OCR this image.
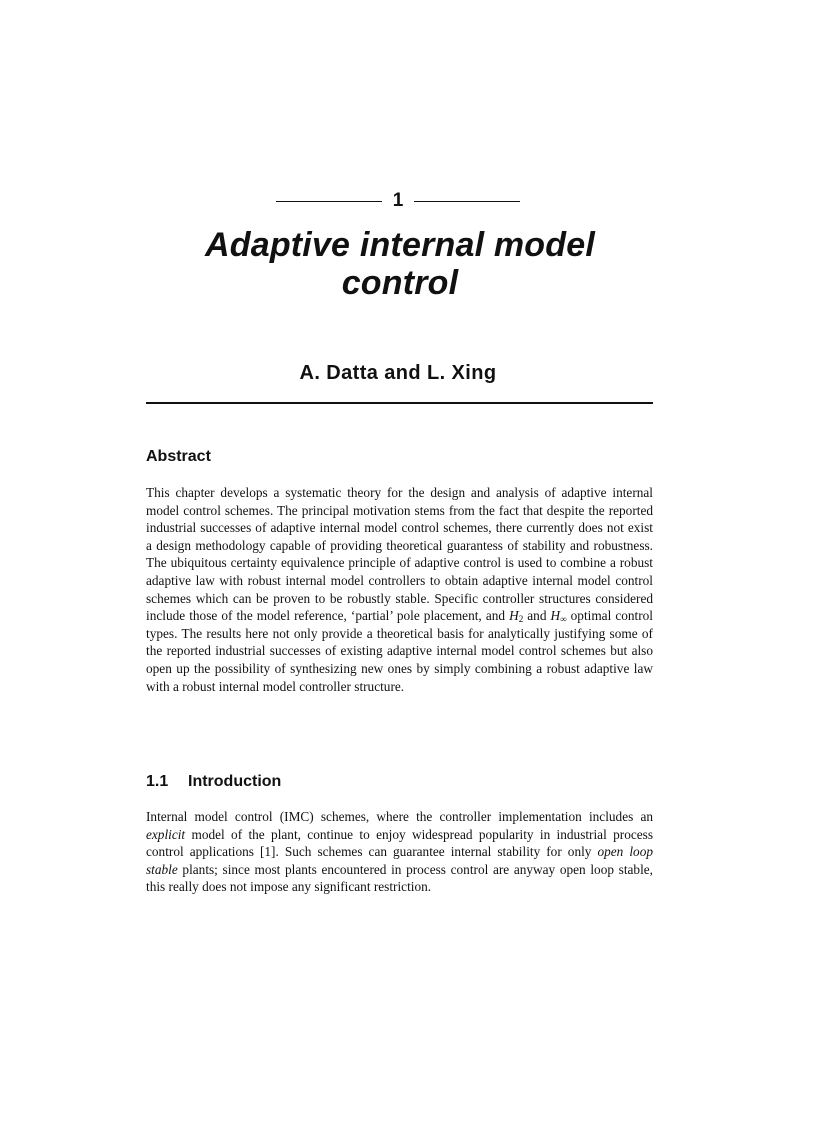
1
Adaptive internal model
control
A. Datta and L. Xing
Abstract

This chapter develops a systematic theory for the design and analysis of adaptive internal model control schemes. The principal motivation stems from the fact that despite the reported industrial successes of adaptive internal model control schemes, there currently does not exist a design methodology capable of providing theoretical guarantess of stability and robustness. The ubiquitous certainty equivalence principle of adaptive control is used to combine a robust adaptive law with robust internal model controllers to obtain adaptive internal model control schemes which can be proven to be robustly stable. Specific controller structures considered include those of the model reference, ‘partial’ pole placement, and $H_2$ and $H_\infty$ optimal control types. The results here not only provide a theoretical basis for analytically justifying some of the reported industrial successes of existing adaptive internal model control schemes but also open up the possibility of synthesizing new ones by simply combining a robust adaptive law with a robust internal model controller structure.

1.1 Introduction

Internal model control (IMC) schemes, where the controller implementation includes an explicit model of the plant, continue to enjoy widespread popularity in industrial process control applications [1]. Such schemes can guarantee internal stability for only open loop stable plants; since most plants encountered in process control are anyway open loop stable, this really does not impose any significant restriction.
